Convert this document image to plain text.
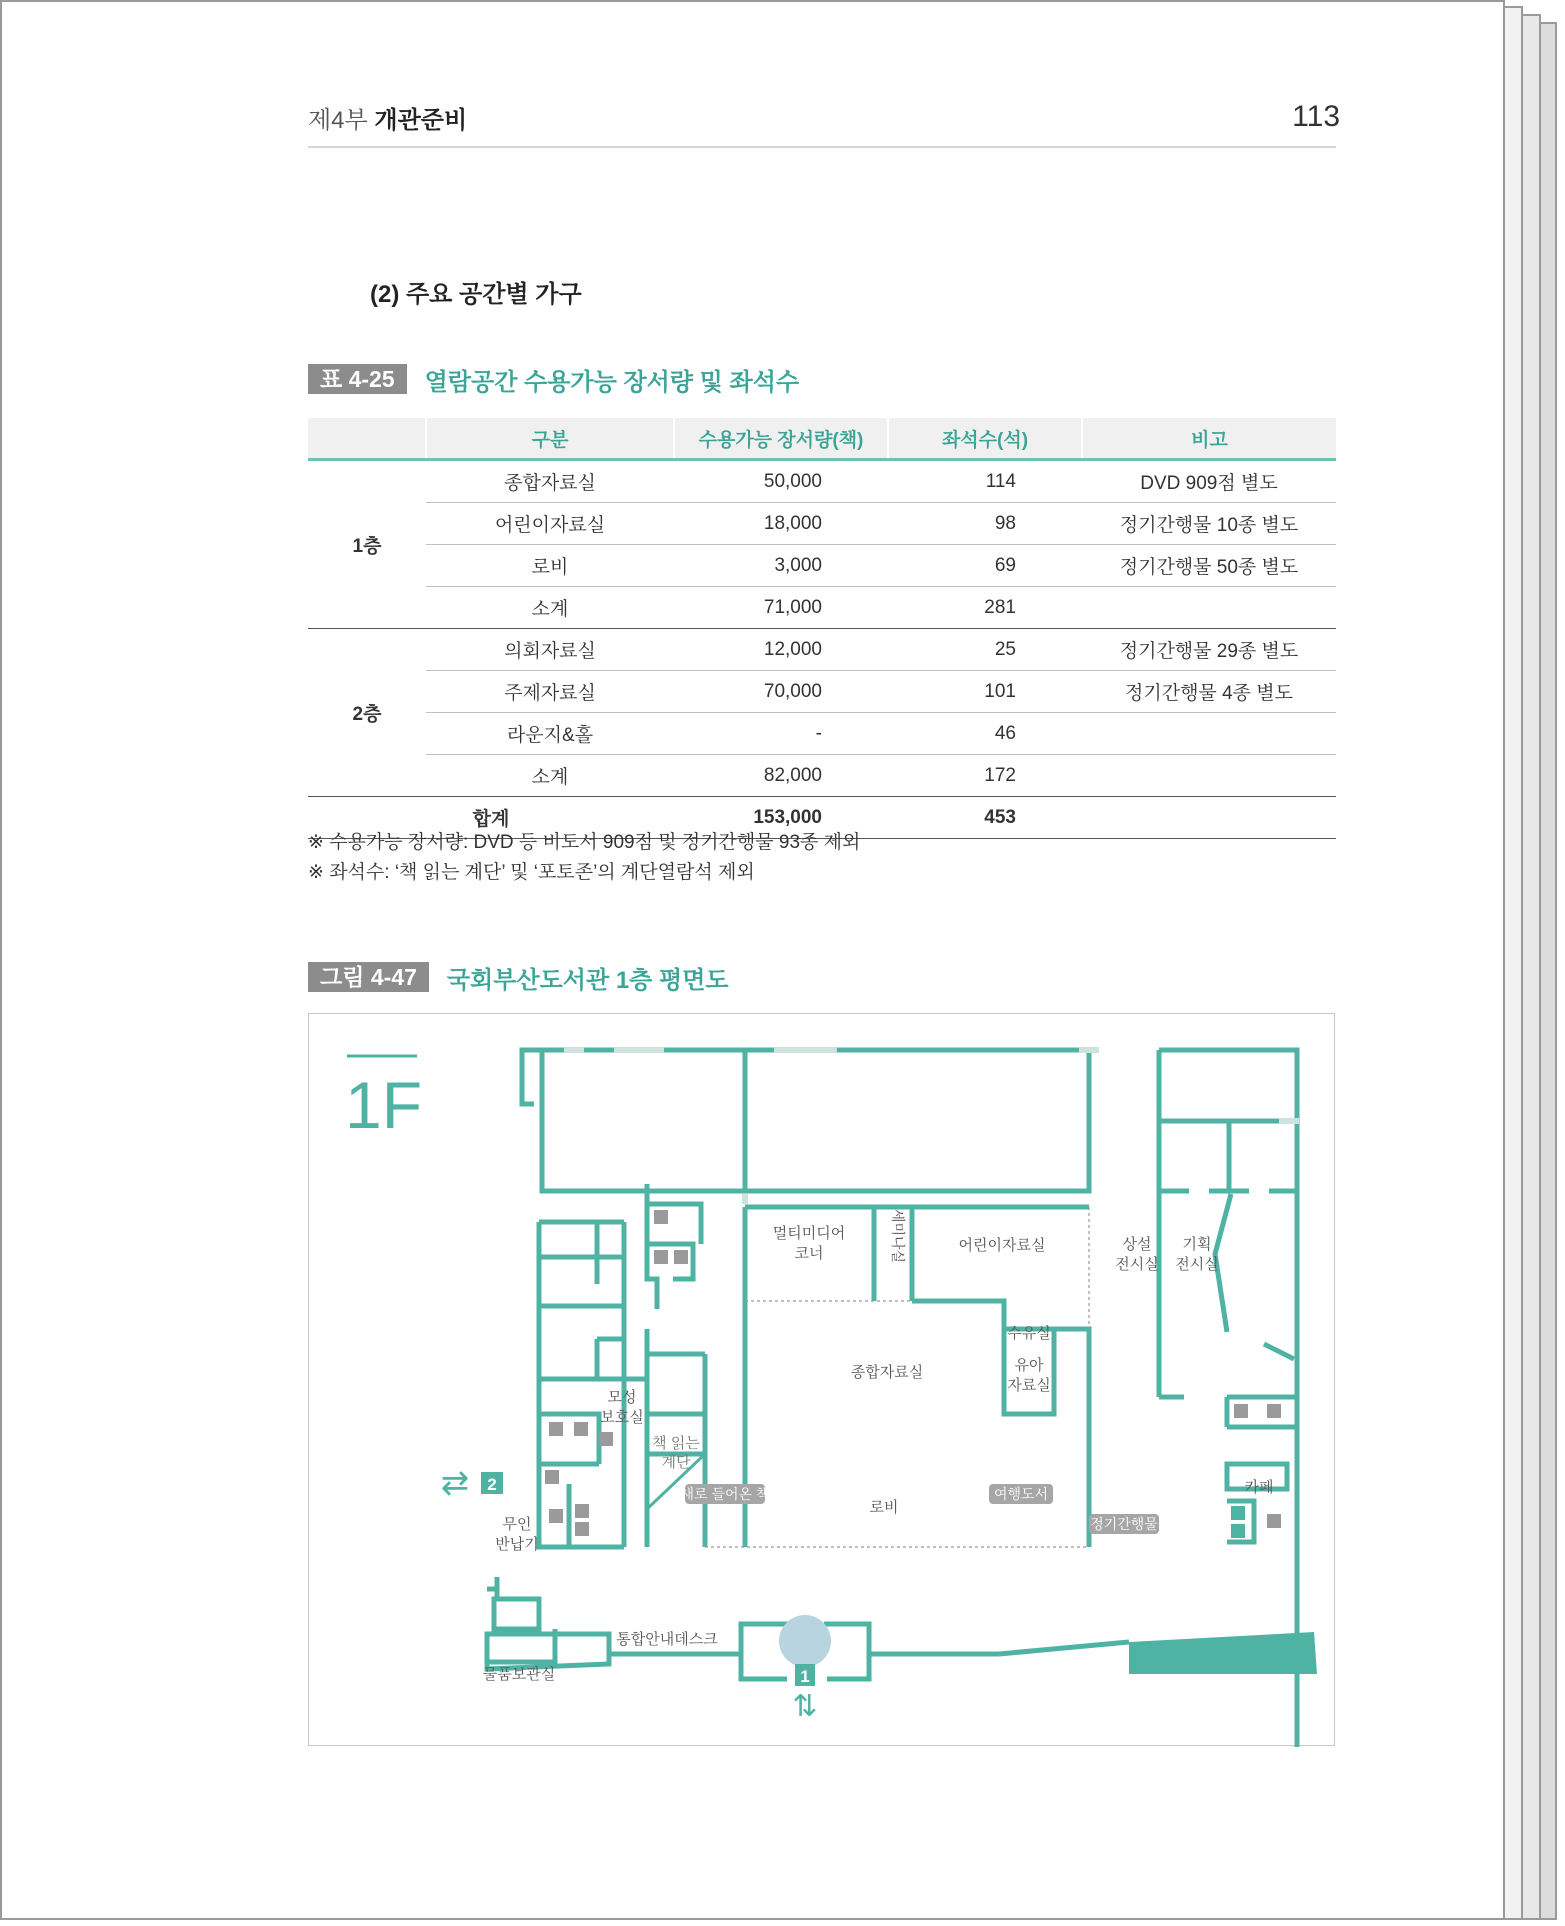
제4부 개관준비	113
(2) 주요 공간별 가구
표 4-25	열람공간 수용가능 장서량 및 좌석수
	구분	수용가능 장서량(책)	좌석수(석)	비고
1층	종합자료실	50,000	114	DVD 909점 별도
	어린이자료실	18,000	98	정기간행물 10종 별도
	로비	3,000	69	정기간행물 50종 별도
	소계	71,000	281	
2층	의회자료실	12,000	25	정기간행물 29종 별도
	주제자료실	70,000	101	정기간행물 4종 별도
	라운지&홀	-	46	
	소계	82,000	172	
합계		153,000	453	
※ 수용가능 장서량: DVD 등 비도서 909점 및 정기간행물 93종 제외
※ 좌석수: ‘책 읽는 계단’ 및 ‘포토존’의 계단열람석 제외
그림 4-47	국회부산도서관 1층 평면도
1F
멀티미디어
코너	세미나실	어린이자료실
수유실
유아
자료실
종합자료실
상설
전시실
기획
전시실
모성
보호실
책 읽는
계단
카페
로비
무인
반납기
통합안내데스크
물품보관실
새로 들어온 책	여행도서
정기간행물
1
⇅
⇄ 2
